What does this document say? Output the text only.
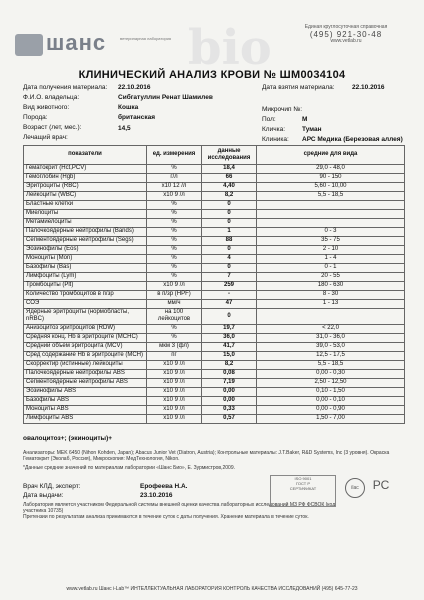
шанс	ветеринарная лаборатория bio	Единая круглосуточная справочная
(495) 921-30-48
www.vetlab.ru
КЛИНИЧЕСКИЙ АНАЛИЗ КРОВИ № ШМ0034104
Дата получения материала: 22.10.2016	Дата взятия материала:	22.10.2016
Ф.И.О. владельца:	Сибгатуллин Ренат Шамилев
Вид животного:	Кошка	Микрочип №:
Порода:	британская	Пол:	М
Возраст (лет, мес.):	14,5	Кличка:	Туман
Лечащий врач:	Клиника: АРС Медика (Березовая аллея)
показатели	ед. измерения	данные исследования	средние для вида
Гематокрит (Hct,PCV)	%	18,4	29,0 - 48,0
Гемоглобин (Hgb)	г/л	66	90 - 150
Эритроциты (RBC)	х10 12 /л	4,40	5,60 - 10,00
Лейкоциты (WBC)	х10 9 /л	8,2	5,5 - 18,5
Бластные клетки	%	0	
Миелоциты	%	0	
Метамиелоциты	%	0	
Палочкоядерные нейтрофилы (Bands)	%	1	0 - 3
Сегментоядерные нейтрофилы (Segs)	%	88	35 - 75
Эозинофилы (Eos)	%	0	2 - 10
Моноциты (Mon)	%	4	1 - 4
Базофилы (Bas)	%	0	0 - 1
Лимфоциты (Lym)	%	7	20 - 55
Тромбоциты (Plt)	х10 9 /л	259	180 - 630
Количество тромбоцитов в п/зр	в п/зр (HPF)	-	8 - 30
СОЭ	мм/ч	47	1 - 13
Ядерные эритроциты (нормобласты, nRBC)	на 100 лейкоцитов	0	
Анизоцитоз эритроцитов (RDW)	%	19,7	< 22,0
Средняя конц. Hb в эритроците (MCHC)	%	36,0	31,0 - 36,0
Средний объем эритроцита (MCV)	мкм 3 (фл)	41,7	39,0 - 53,0
Сред содержание Hb в эритроците (MCH)	пг	15,0	12,5 - 17,5
Скорректир (истинные) лейкоциты	х10 9 /л	8,2	5,5 - 18,5
Палочкоядерные нейтрофилы ABS	х10 9 /л	0,08	0,00 - 0,30
Сегментоядерные нейтрофилы ABS	х10 9 /л	7,19	2,50 - 12,50
Эозинофилы ABS	х10 9 /л	0,00	0,10 - 1,50
Базофилы ABS	х10 9 /л	0,00	0,00 - 0,10
Моноциты ABS	х10 9 /л	0,33	0,00 - 0,90
Лимфоциты ABS	х10 9 /л	0,57	1,50 - 7,00
овалоцитоз+; (экиноциты)+
Анализаторы: MEK 6450 (Nihon Kohden, Japan); Abacus Junior Vet (Diatron, Austria); Контрольные материалы: J.T.Baker, R&D Systems, Inc (3 уровня). Окраска Гематокрит (Эколаб, Россия), Микроскопия: МедТехнология, Nikon.
*Данные средние значений по материалам лаборатории «Шанс Био», Е. Зурмистров,2009.
Врач КЛД, эксперт:	Ерофеева Н.А.
Дата выдачи:	23.10.2016
Лаборатория является участником Федеральной системы внешней оценки качества лабораторных исследований МЗ РФ ФСВОК (код участника 10735)
Претензии по результатам анализа принимаются в течение суток с даты получения. Хранение материала в течение суток.
ISO 9001
ГОСТ Р
СЕРТИФИКАТ	ilac	РС
www.vetlab.ru Шанс i-Lab™ ИНТЕЛЛЕКТУАЛЬНАЯ ЛАБОРАТОРИЯ КОНТРОЛЬ КАЧЕСТВА ИССЛЕДОВАНИЙ (495) 645-77-23
